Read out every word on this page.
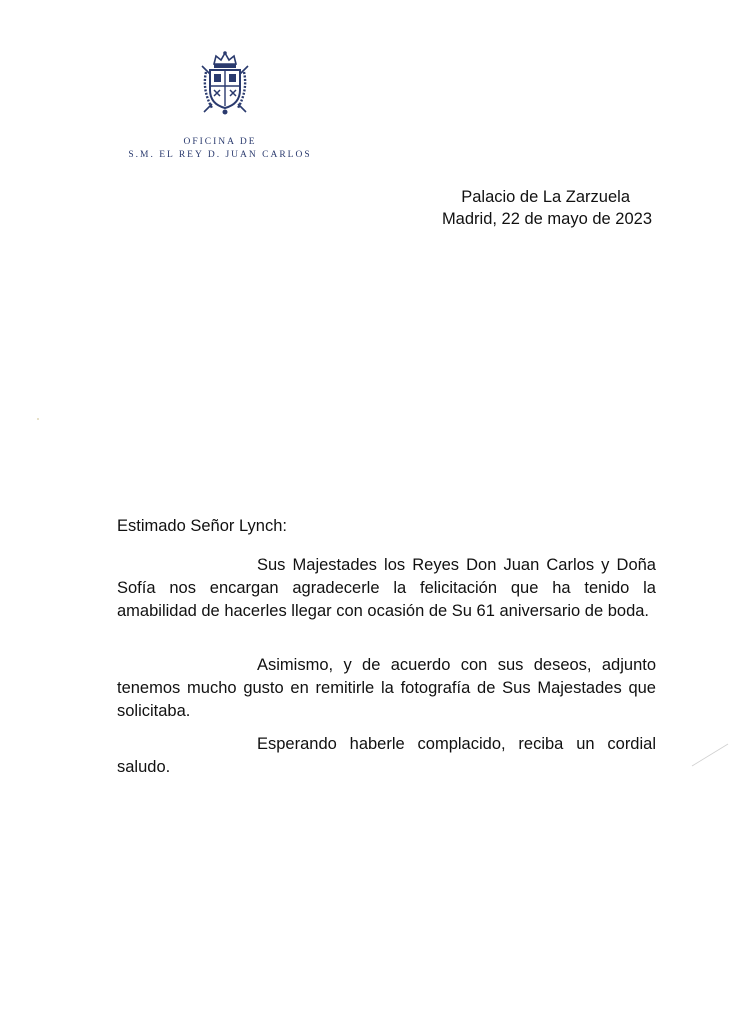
OFICINA DE
S.M. EL REY D. JUAN CARLOS
Palacio de La Zarzuela
Madrid, 22 de mayo de 2023
Estimado Señor Lynch:

Sus Majestades los Reyes Don Juan Carlos y Doña Sofía nos encargan agradecerle la felicitación que ha tenido la amabilidad de hacerles llegar con ocasión de Su 61 aniversario de boda.

Asimismo, y de acuerdo con sus deseos, adjunto tenemos mucho gusto en remitirle la fotografía de Sus Majestades que solicitaba.

Esperando haberle complacido, reciba un cordial saludo.
